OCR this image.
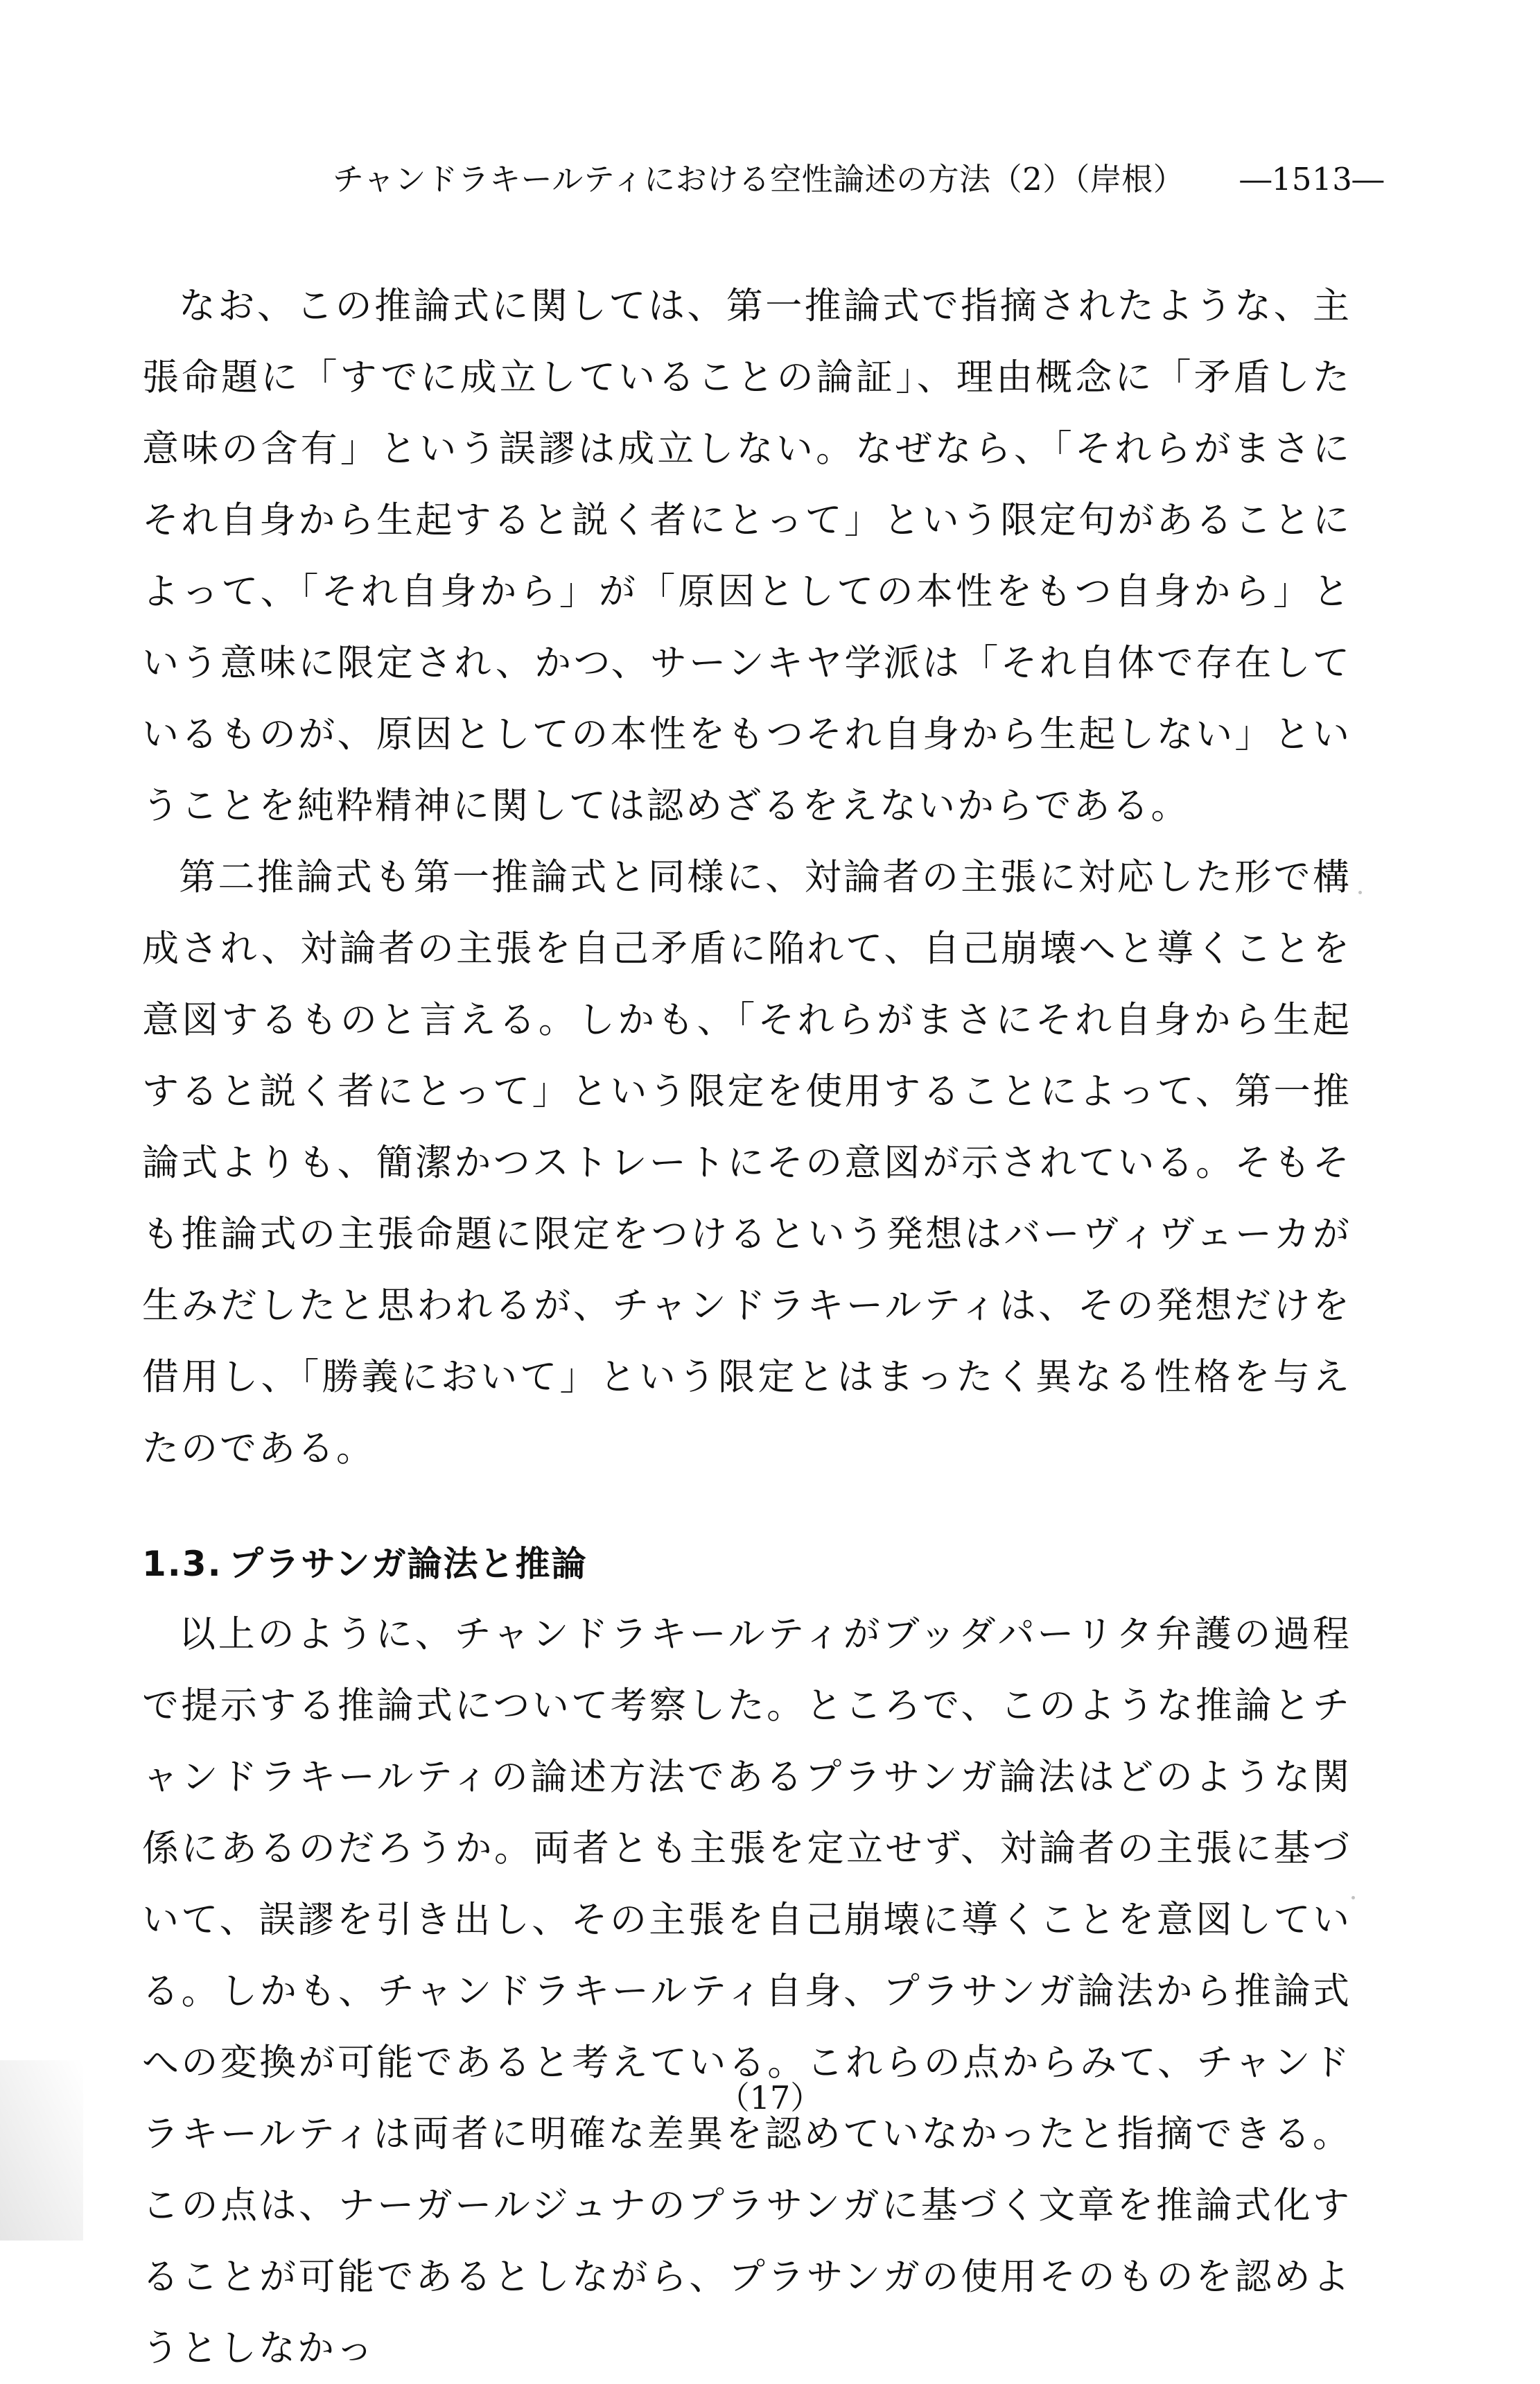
チャンドラキールティにおける空性論述の方法（2）（岸根） ―1513―

なお、この推論式に関しては、第一推論式で指摘されたような、主張命題に「すでに成立していることの論証」、理由概念に「矛盾した意味の含有」という誤謬は成立しない。なぜなら、「それらがまさにそれ自身から生起すると説く者にとって」という限定句があることによって、「それ自身から」が「原因としての本性をもつ自身から」という意味に限定され、かつ、サーンキヤ学派は「それ自体で存在しているものが、原因としての本性をもつそれ自身から生起しない」ということを純粋精神に関しては認めざるをえないからである。

第二推論式も第一推論式と同様に、対論者の主張に対応した形で構成され、対論者の主張を自己矛盾に陥れて、自己崩壊へと導くことを意図するものと言える。しかも、「それらがまさにそれ自身から生起すると説く者にとって」という限定を使用することによって、第一推論式よりも、簡潔かつストレートにその意図が示されている。そもそも推論式の主張命題に限定をつけるという発想はバーヴィヴェーカが生みだしたと思われるが、チャンドラキールティは、その発想だけを借用し、「勝義において」という限定とはまったく異なる性格を与えたのである。

1.3. プラサンガ論法と推論

以上のように、チャンドラキールティがブッダパーリタ弁護の過程で提示する推論式について考察した。ところで、このような推論とチャンドラキールティの論述方法であるプラサンガ論法はどのような関係にあるのだろうか。両者とも主張を定立せず、対論者の主張に基づいて、誤謬を引き出し、その主張を自己崩壊に導くことを意図している。しかも、チャンドラキールティ自身、プラサンガ論法から推論式への変換が可能であると考えている。これらの点からみて、チャンドラキールティは両者に明確な差異を認めていなかったと指摘できる。この点は、ナーガールジュナのプラサンガに基づく文章を推論式化することが可能であるとしながら、プラサンガの使用そのものを認めようとしなかっ

（17）
